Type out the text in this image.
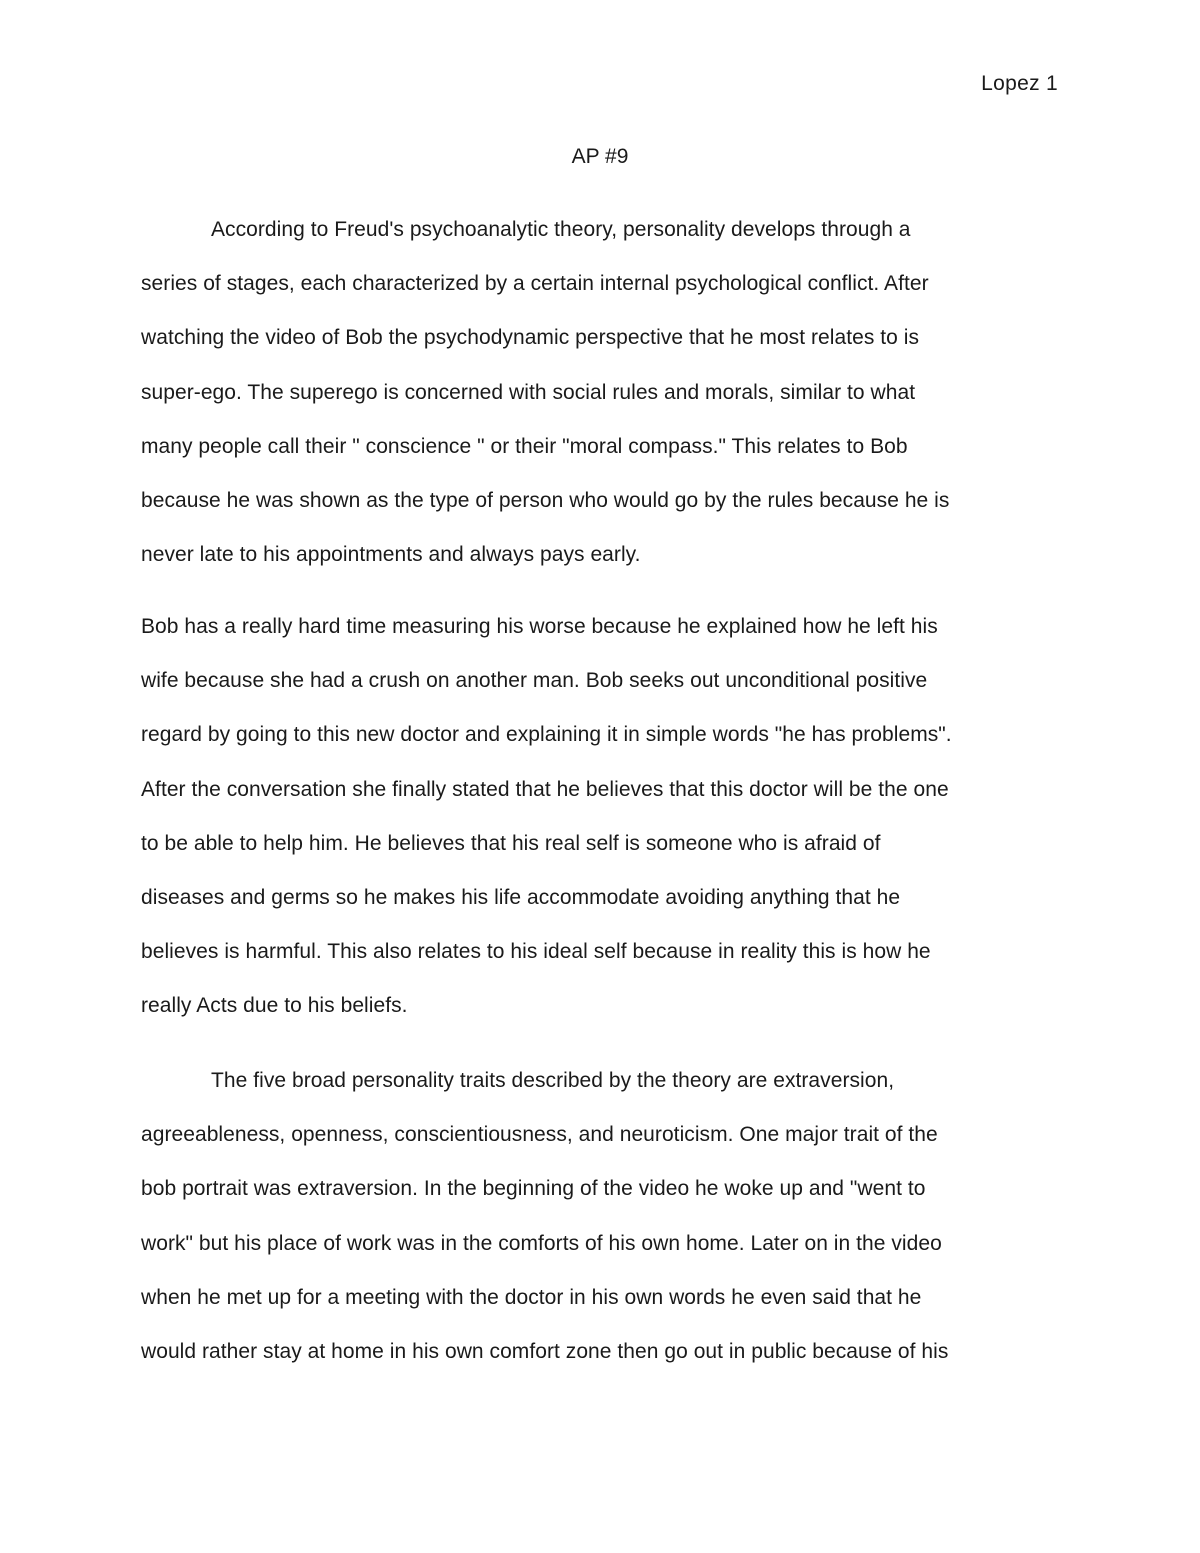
Lopez 1
AP #9
According to Freud's psychoanalytic theory, personality develops through a
series of stages, each characterized by a certain internal psychological conflict. After
watching the video of Bob the psychodynamic perspective that he most relates to is
super-ego. The superego is concerned with social rules and morals, similar to what
many people call their " conscience " or their "moral compass." This relates to Bob
because he was shown as the type of person who would go by the rules because he is
never late to his appointments and always pays early.
Bob has a really hard time measuring his worse because he explained how he left his
wife because she had a crush on another man. Bob seeks out unconditional positive
regard by going to this new doctor and explaining it in simple words "he has problems".
After the conversation she finally stated that he believes that this doctor will be the one
to be able to help him. He believes that his real self is someone who is afraid of
diseases and germs so he makes his life accommodate avoiding anything that he
believes is harmful. This also relates to his ideal self because in reality this is how he
really Acts due to his beliefs.
The five broad personality traits described by the theory are extraversion,
agreeableness, openness, conscientiousness, and neuroticism. One major trait of the
bob portrait was extraversion. In the beginning of the video he woke up and "went to
work" but his place of work was in the comforts of his own home. Later on in the video
when he met up for a meeting with the doctor in his own words he even said that he
would rather stay at home in his own comfort zone then go out in public because of his
